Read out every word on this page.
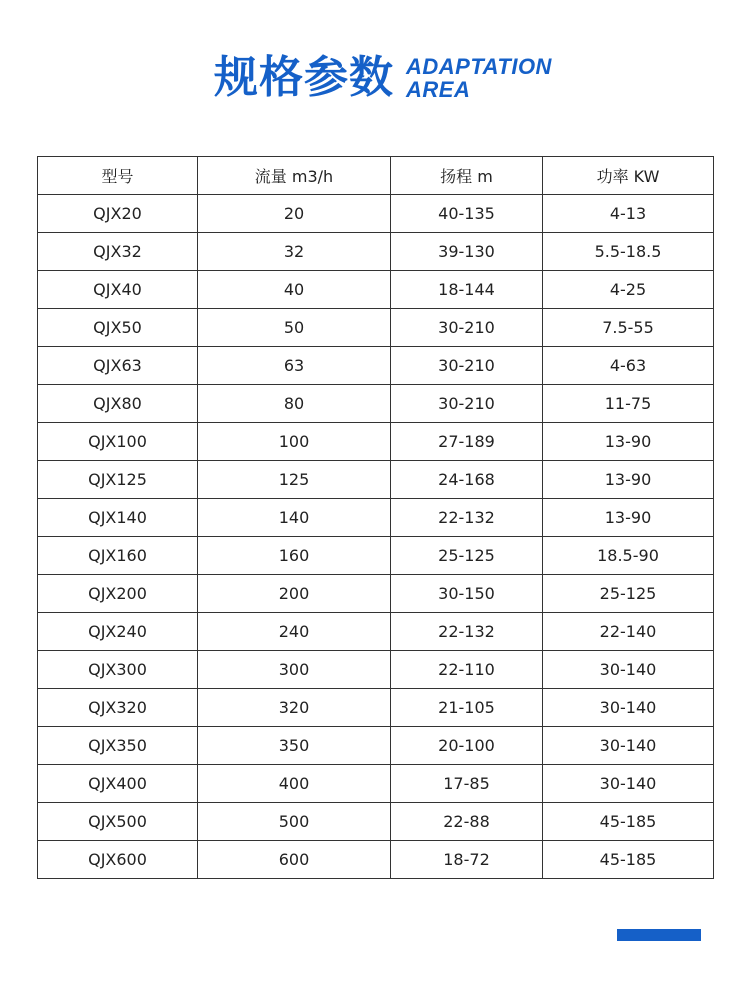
规格参数 ADAPTATION
AREA
型号	流量 m3/h	扬程 m	功率 KW
QJX20	20	40-135	4-13
QJX32	32	39-130	5.5-18.5
QJX40	40	18-144	4-25
QJX50	50	30-210	7.5-55
QJX63	63	30-210	4-63
QJX80	80	30-210	11-75
QJX100	100	27-189	13-90
QJX125	125	24-168	13-90
QJX140	140	22-132	13-90
QJX160	160	25-125	18.5-90
QJX200	200	30-150	25-125
QJX240	240	22-132	22-140
QJX300	300	22-110	30-140
QJX320	320	21-105	30-140
QJX350	350	20-100	30-140
QJX400	400	17-85	30-140
QJX500	500	22-88	45-185
QJX600	600	18-72	45-185
